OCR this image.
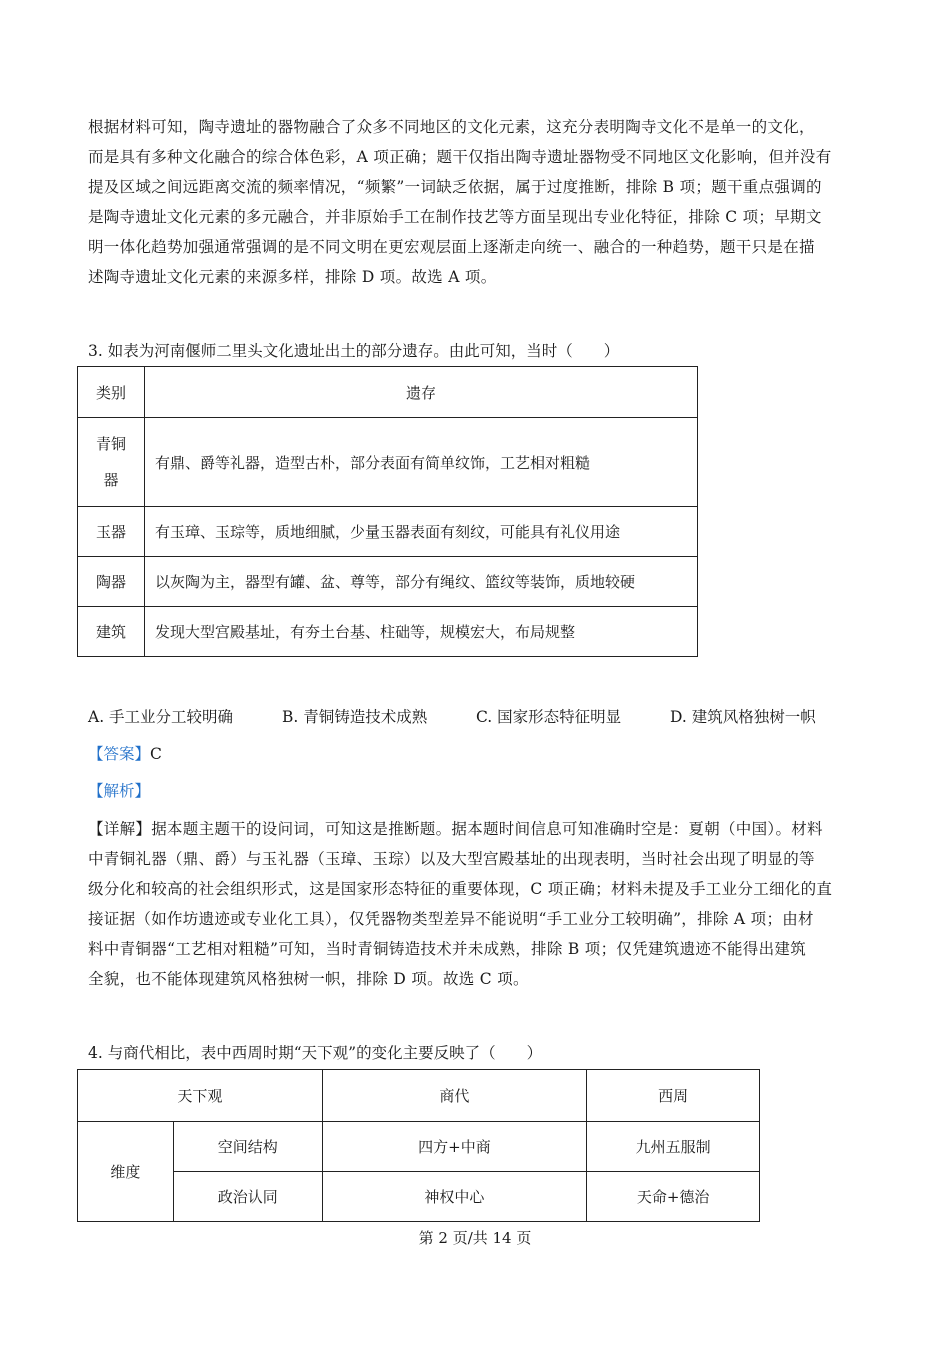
根据材料可知，陶寺遗址的器物融合了众多不同地区的文化元素，这充分表明陶寺文化不是单一的文化，
而是具有多种文化融合的综合体色彩，A 项正确；题干仅指出陶寺遗址器物受不同地区文化影响，但并没有
提及区域之间远距离交流的频率情况，“频繁”一词缺乏依据，属于过度推断，排除 B 项；题干重点强调的
是陶寺遗址文化元素的多元融合，并非原始手工在制作技艺等方面呈现出专业化特征，排除 C 项；早期文
明一体化趋势加强通常强调的是不同文明在更宏观层面上逐渐走向统一、融合的一种趋势，题干只是在描
述陶寺遗址文化元素的来源多样，排除 D 项。故选 A 项。

3. 如表为河南偃师二里头文化遗址出土的部分遗存。由此可知，当时（　　）

类别	遗存
青铜
器	有鼎、爵等礼器，造型古朴，部分表面有简单纹饰，工艺相对粗糙
玉器	有玉璋、玉琮等，质地细腻，少量玉器表面有刻纹，可能具有礼仪用途
陶器	以灰陶为主，器型有罐、盆、尊等，部分有绳纹、篮纹等装饰，质地较硬
建筑	发现大型宫殿基址，有夯土台基、柱础等，规模宏大，布局规整
A. 手工业分工较明确	B. 青铜铸造技术成熟	C. 国家形态特征明显	D. 建筑风格独树一帜
【答案】C
【解析】
【详解】据本题主题干的设问词，可知这是推断题。据本题时间信息可知准确时空是：夏朝（中国）。材料
中青铜礼器（鼎、爵）与玉礼器（玉璋、玉琮）以及大型宫殿基址的出现表明，当时社会出现了明显的等
级分化和较高的社会组织形式，这是国家形态特征的重要体现，C 项正确；材料未提及手工业分工细化的直
接证据（如作坊遗迹或专业化工具），仅凭器物类型差异不能说明“手工业分工较明确”，排除 A 项；由材
料中青铜器“工艺相对粗糙”可知，当时青铜铸造技术并未成熟，排除 B 项；仅凭建筑遗迹不能得出建筑
全貌，也不能体现建筑风格独树一帜，排除 D 项。故选 C 项。

4. 与商代相比，表中西周时期“天下观”的变化主要反映了（　　）

天下观		商代	西周
维度	空间结构	四方+中商	九州五服制
	政治认同	神权中心	天命+德治
第 2 页/共 14 页
